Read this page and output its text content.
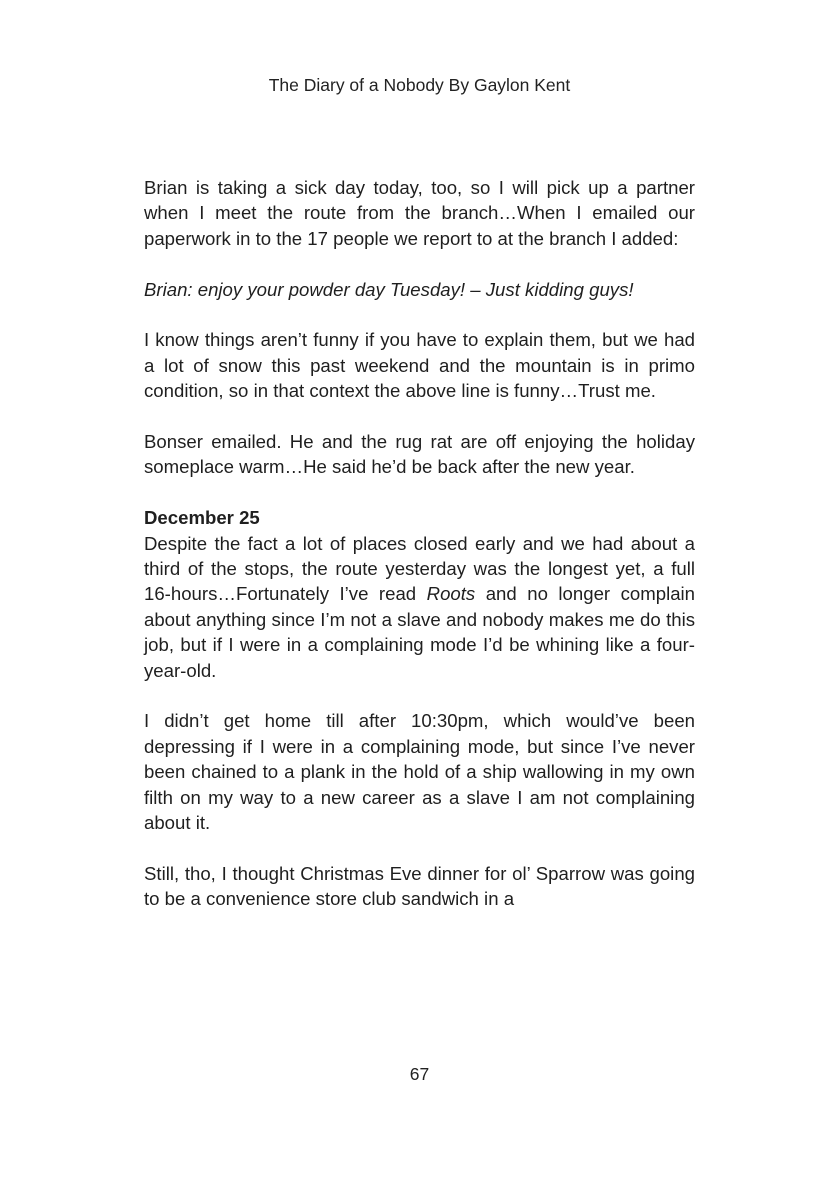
The Diary of a Nobody By Gaylon Kent

Brian is taking a sick day today, too, so I will pick up a partner when I meet the route from the branch…When I emailed our paperwork in to the 17 people we report to at the branch I added:

Brian: enjoy your powder day Tuesday! – Just kidding guys!

I know things aren’t funny if you have to explain them, but we had a lot of snow this past weekend and the mountain is in primo condition, so in that context the above line is funny…Trust me.

Bonser emailed. He and the rug rat are off enjoying the holiday someplace warm…He said he’d be back after the new year.

December 25

Despite the fact a lot of places closed early and we had about a third of the stops, the route yesterday was the longest yet, a full 16-hours…Fortunately I’ve read Roots and no longer complain about anything since I’m not a slave and nobody makes me do this job, but if I were in a complaining mode I’d be whining like a four-year-old.

I didn’t get home till after 10:30pm, which would’ve been depressing if I were in a complaining mode, but since I’ve never been chained to a plank in the hold of a ship wallowing in my own filth on my way to a new career as a slave I am not complaining about it.

Still, tho, I thought Christmas Eve dinner for ol’ Sparrow was going to be a convenience store club sandwich in a

67
